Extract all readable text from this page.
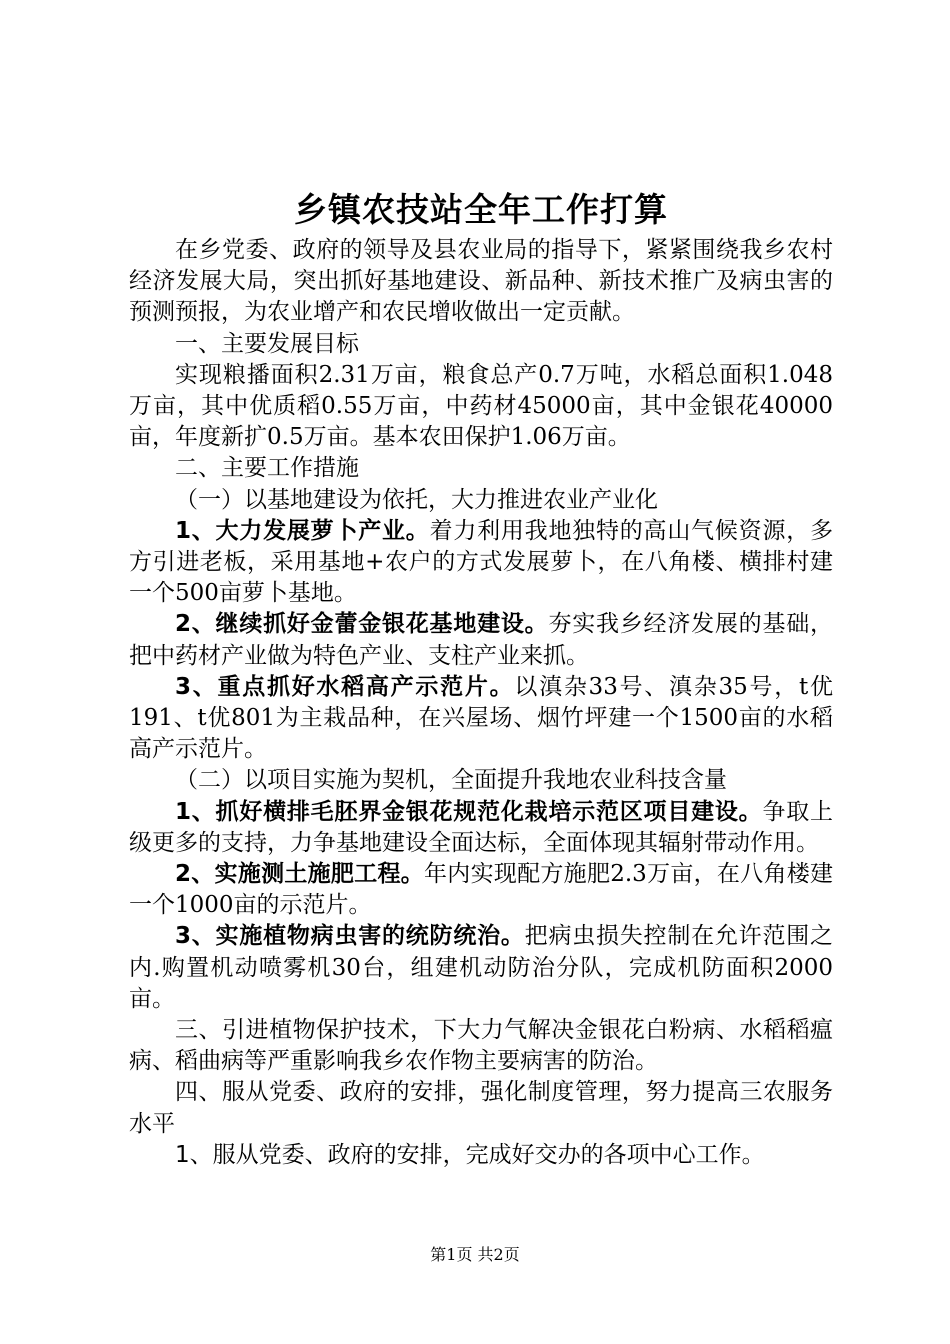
乡镇农技站全年工作打算

在乡党委、政府的领导及县农业局的指导下，紧紧围绕我乡农村经济发展大局，突出抓好基地建设、新品种、新技术推广及病虫害的预测预报，为农业增产和农民增收做出一定贡献。

一、主要发展目标

实现粮播面积2.31万亩，粮食总产0.7万吨，水稻总面积1.048万亩，其中优质稻0.55万亩，中药材45000亩，其中金银花40000亩，年度新扩0.5万亩。基本农田保护1.06万亩。

二、主要工作措施

（一）以基地建设为依托，大力推进农业产业化

1、大力发展萝卜产业。着力利用我地独特的高山气候资源，多方引进老板，采用基地+农户的方式发展萝卜，在八角楼、横排村建一个500亩萝卜基地。

2、继续抓好金蕾金银花基地建设。夯实我乡经济发展的基础，把中药材产业做为特色产业、支柱产业来抓。

3、重点抓好水稻高产示范片。以滇杂33号、滇杂35号，t优191、t优801为主栽品种，在兴屋场、烟竹坪建一个1500亩的水稻高产示范片。

（二）以项目实施为契机，全面提升我地农业科技含量

1、抓好横排毛胚界金银花规范化栽培示范区项目建设。争取上级更多的支持，力争基地建设全面达标，全面体现其辐射带动作用。

2、实施测土施肥工程。年内实现配方施肥2.3万亩，在八角楼建一个1000亩的示范片。

3、实施植物病虫害的统防统治。把病虫损失控制在允许范围之内.购置机动喷雾机30台，组建机动防治分队，完成机防面积2000亩。

三、引进植物保护技术，下大力气解决金银花白粉病、水稻稻瘟病、稻曲病等严重影响我乡农作物主要病害的防治。

四、服从党委、政府的安排，强化制度管理，努力提高三农服务水平

1、服从党委、政府的安排，完成好交办的各项中心工作。

第1页 共2页
